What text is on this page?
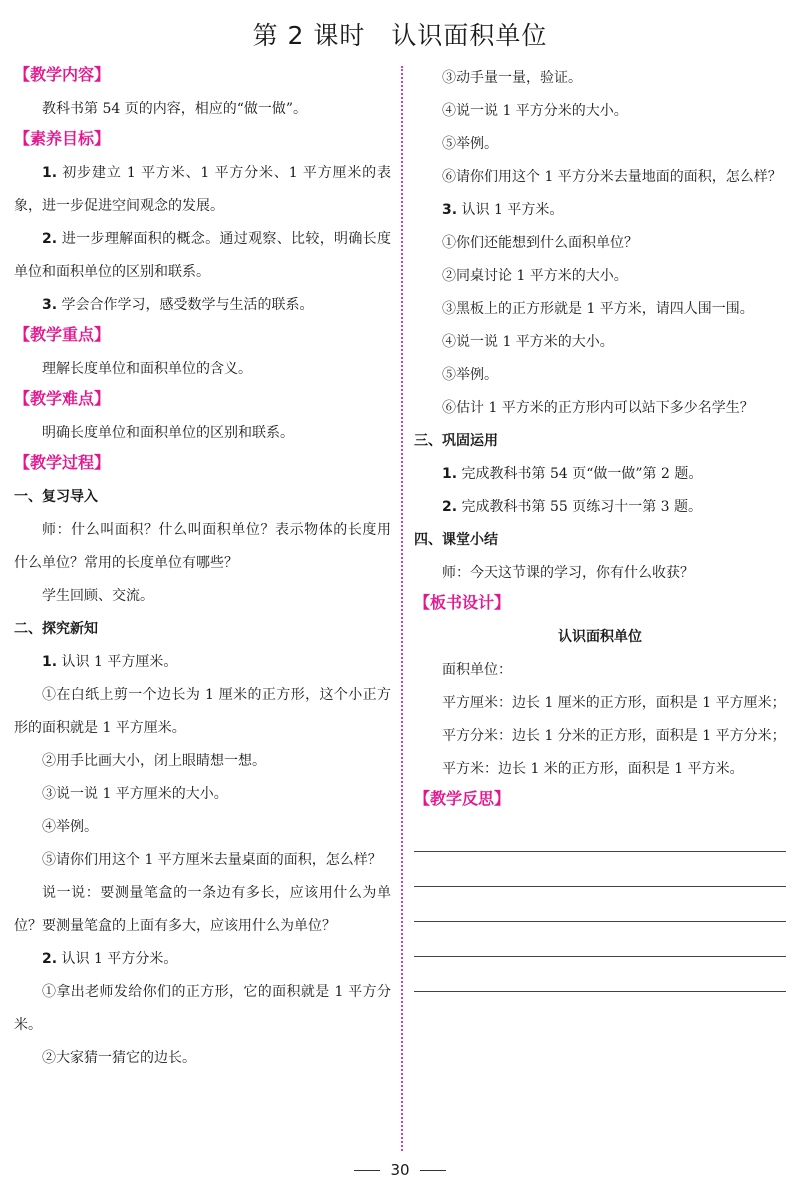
第 2 课时 认识面积单位
【教学内容】
教科书第 54 页的内容，相应的“做一做”。
【素养目标】
1. 初步建立 1 平方米、1 平方分米、1 平方厘米的表象，进一步促进空间观念的发展。
2. 进一步理解面积的概念。通过观察、比较，明确长度单位和面积单位的区别和联系。
3. 学会合作学习，感受数学与生活的联系。
【教学重点】
理解长度单位和面积单位的含义。
【教学难点】
明确长度单位和面积单位的区别和联系。
【教学过程】
一、复习导入
师：什么叫面积？什么叫面积单位？表示物体的长度用什么单位？常用的长度单位有哪些？
学生回顾、交流。
二、探究新知
1. 认识 1 平方厘米。
①在白纸上剪一个边长为 1 厘米的正方形，这个小正方形的面积就是 1 平方厘米。
②用手比画大小，闭上眼睛想一想。
③说一说 1 平方厘米的大小。
④举例。
⑤请你们用这个 1 平方厘米去量桌面的面积，怎么样？
说一说：要测量笔盒的一条边有多长，应该用什么为单位？要测量笔盒的上面有多大，应该用什么为单位？
2. 认识 1 平方分米。
①拿出老师发给你们的正方形，它的面积就是 1 平方分米。
②大家猜一猜它的边长。
③动手量一量，验证。
④说一说 1 平方分米的大小。
⑤举例。
⑥请你们用这个 1 平方分米去量地面的面积，怎么样？
3. 认识 1 平方米。
①你们还能想到什么面积单位？
②同桌讨论 1 平方米的大小。
③黑板上的正方形就是 1 平方米，请四人围一围。
④说一说 1 平方米的大小。
⑤举例。
⑥估计 1 平方米的正方形内可以站下多少名学生？
三、巩固运用
1. 完成教科书第 54 页“做一做”第 2 题。
2. 完成教科书第 55 页练习十一第 3 题。
四、课堂小结
师：今天这节课的学习，你有什么收获？
【板书设计】
认识面积单位
面积单位：
平方厘米：边长 1 厘米的正方形，面积是 1 平方厘米；
平方分米：边长 1 分米的正方形，面积是 1 平方分米；
平方米：边长 1 米的正方形，面积是 1 平方米。
【教学反思】
30
